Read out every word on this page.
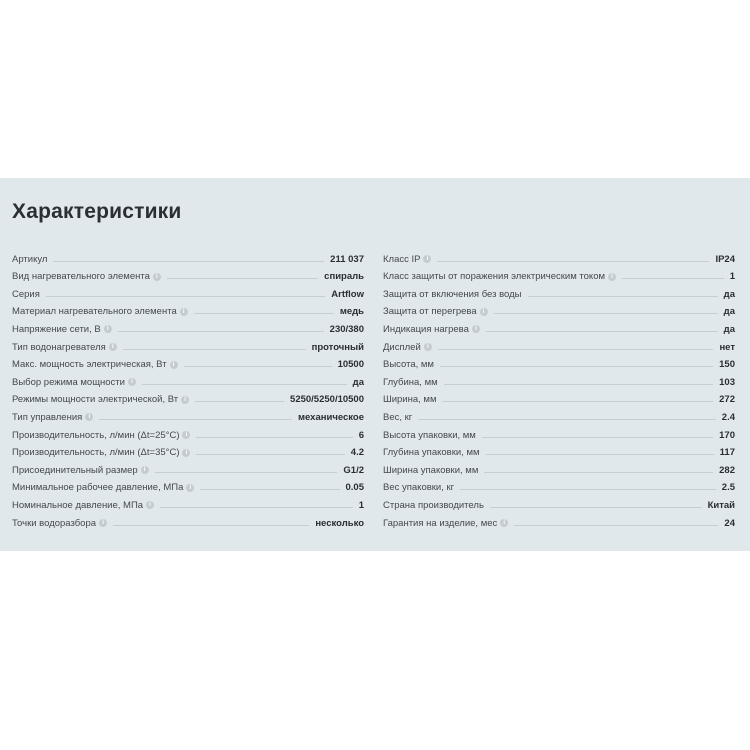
Характеристики
Артикул	211 037
Вид нагревательного элемента	i	спираль
Серия	Artflow
Материал нагревательного элемента	i	медь
Напряжение сети, В	i	230/380
Тип водонагревателя	i	проточный
Макс. мощность электрическая, Вт	i	10500
Выбор режима мощности	i	да
Режимы мощности электрической, Вт	i	5250/5250/10500
Тип управления	i	механическое
Производительность, л/мин (Δt=25°C)	i	6
Производительность, л/мин (Δt=35°C)	i	4.2
Присоединительный размер	i	G1/2
Минимальное рабочее давление, МПа	i	0.05
Номинальное давление, МПа	i	1
Точки водоразбора	i	несколько
Класс IP	i	IP24
Класс защиты от поражения электрическим током	i	1
Защита от включения без воды	да
Защита от перегрева	i	да
Индикация нагрева	i	да
Дисплей	i	нет
Высота, мм	150
Глубина, мм	103
Ширина, мм	272
Вес, кг	2.4
Высота упаковки, мм	170
Глубина упаковки, мм	117
Ширина упаковки, мм	282
Вес упаковки, кг	2.5
Страна производитель	Китай
Гарантия на изделие, мес	i	24
